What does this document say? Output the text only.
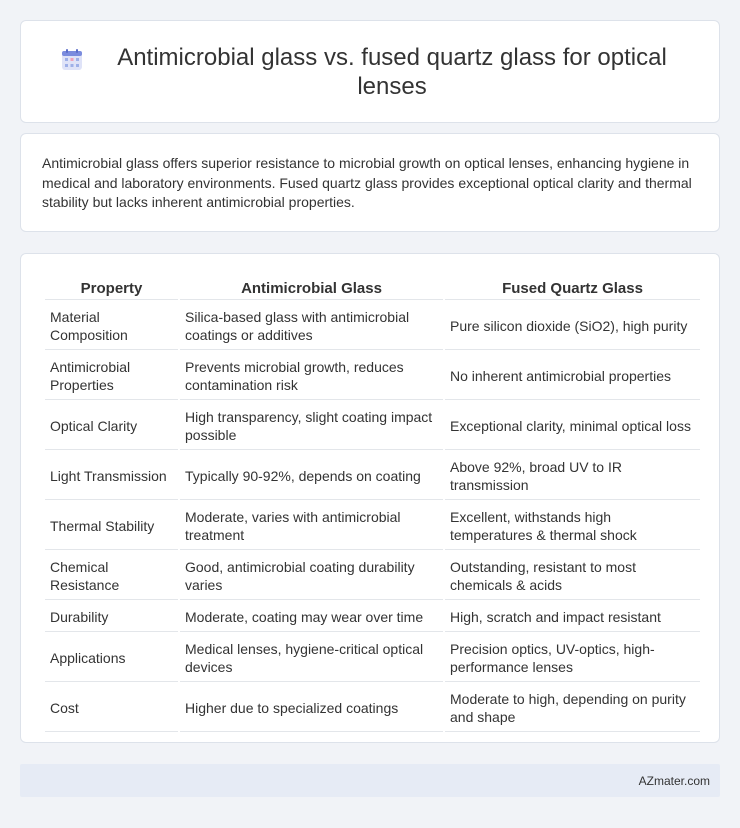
Antimicrobial glass vs. fused quartz glass for optical lenses

Antimicrobial glass offers superior resistance to microbial growth on optical lenses, enhancing hygiene in medical and laboratory environments. Fused quartz glass provides exceptional optical clarity and thermal stability but lacks inherent antimicrobial properties.

Property	Antimicrobial Glass	Fused Quartz Glass
Material Composition	Silica-based glass with antimicrobial coatings or additives	Pure silicon dioxide (SiO2), high purity
Antimicrobial Properties	Prevents microbial growth, reduces contamination risk	No inherent antimicrobial properties
Optical Clarity	High transparency, slight coating impact possible	Exceptional clarity, minimal optical loss
Light Transmission	Typically 90-92%, depends on coating	Above 92%, broad UV to IR transmission
Thermal Stability	Moderate, varies with antimicrobial treatment	Excellent, withstands high temperatures & thermal shock
Chemical Resistance	Good, antimicrobial coating durability varies	Outstanding, resistant to most chemicals & acids
Durability	Moderate, coating may wear over time	High, scratch and impact resistant
Applications	Medical lenses, hygiene-critical optical devices	Precision optics, UV-optics, high-performance lenses
Cost	Higher due to specialized coatings	Moderate to high, depending on purity and shape
AZmater.com
